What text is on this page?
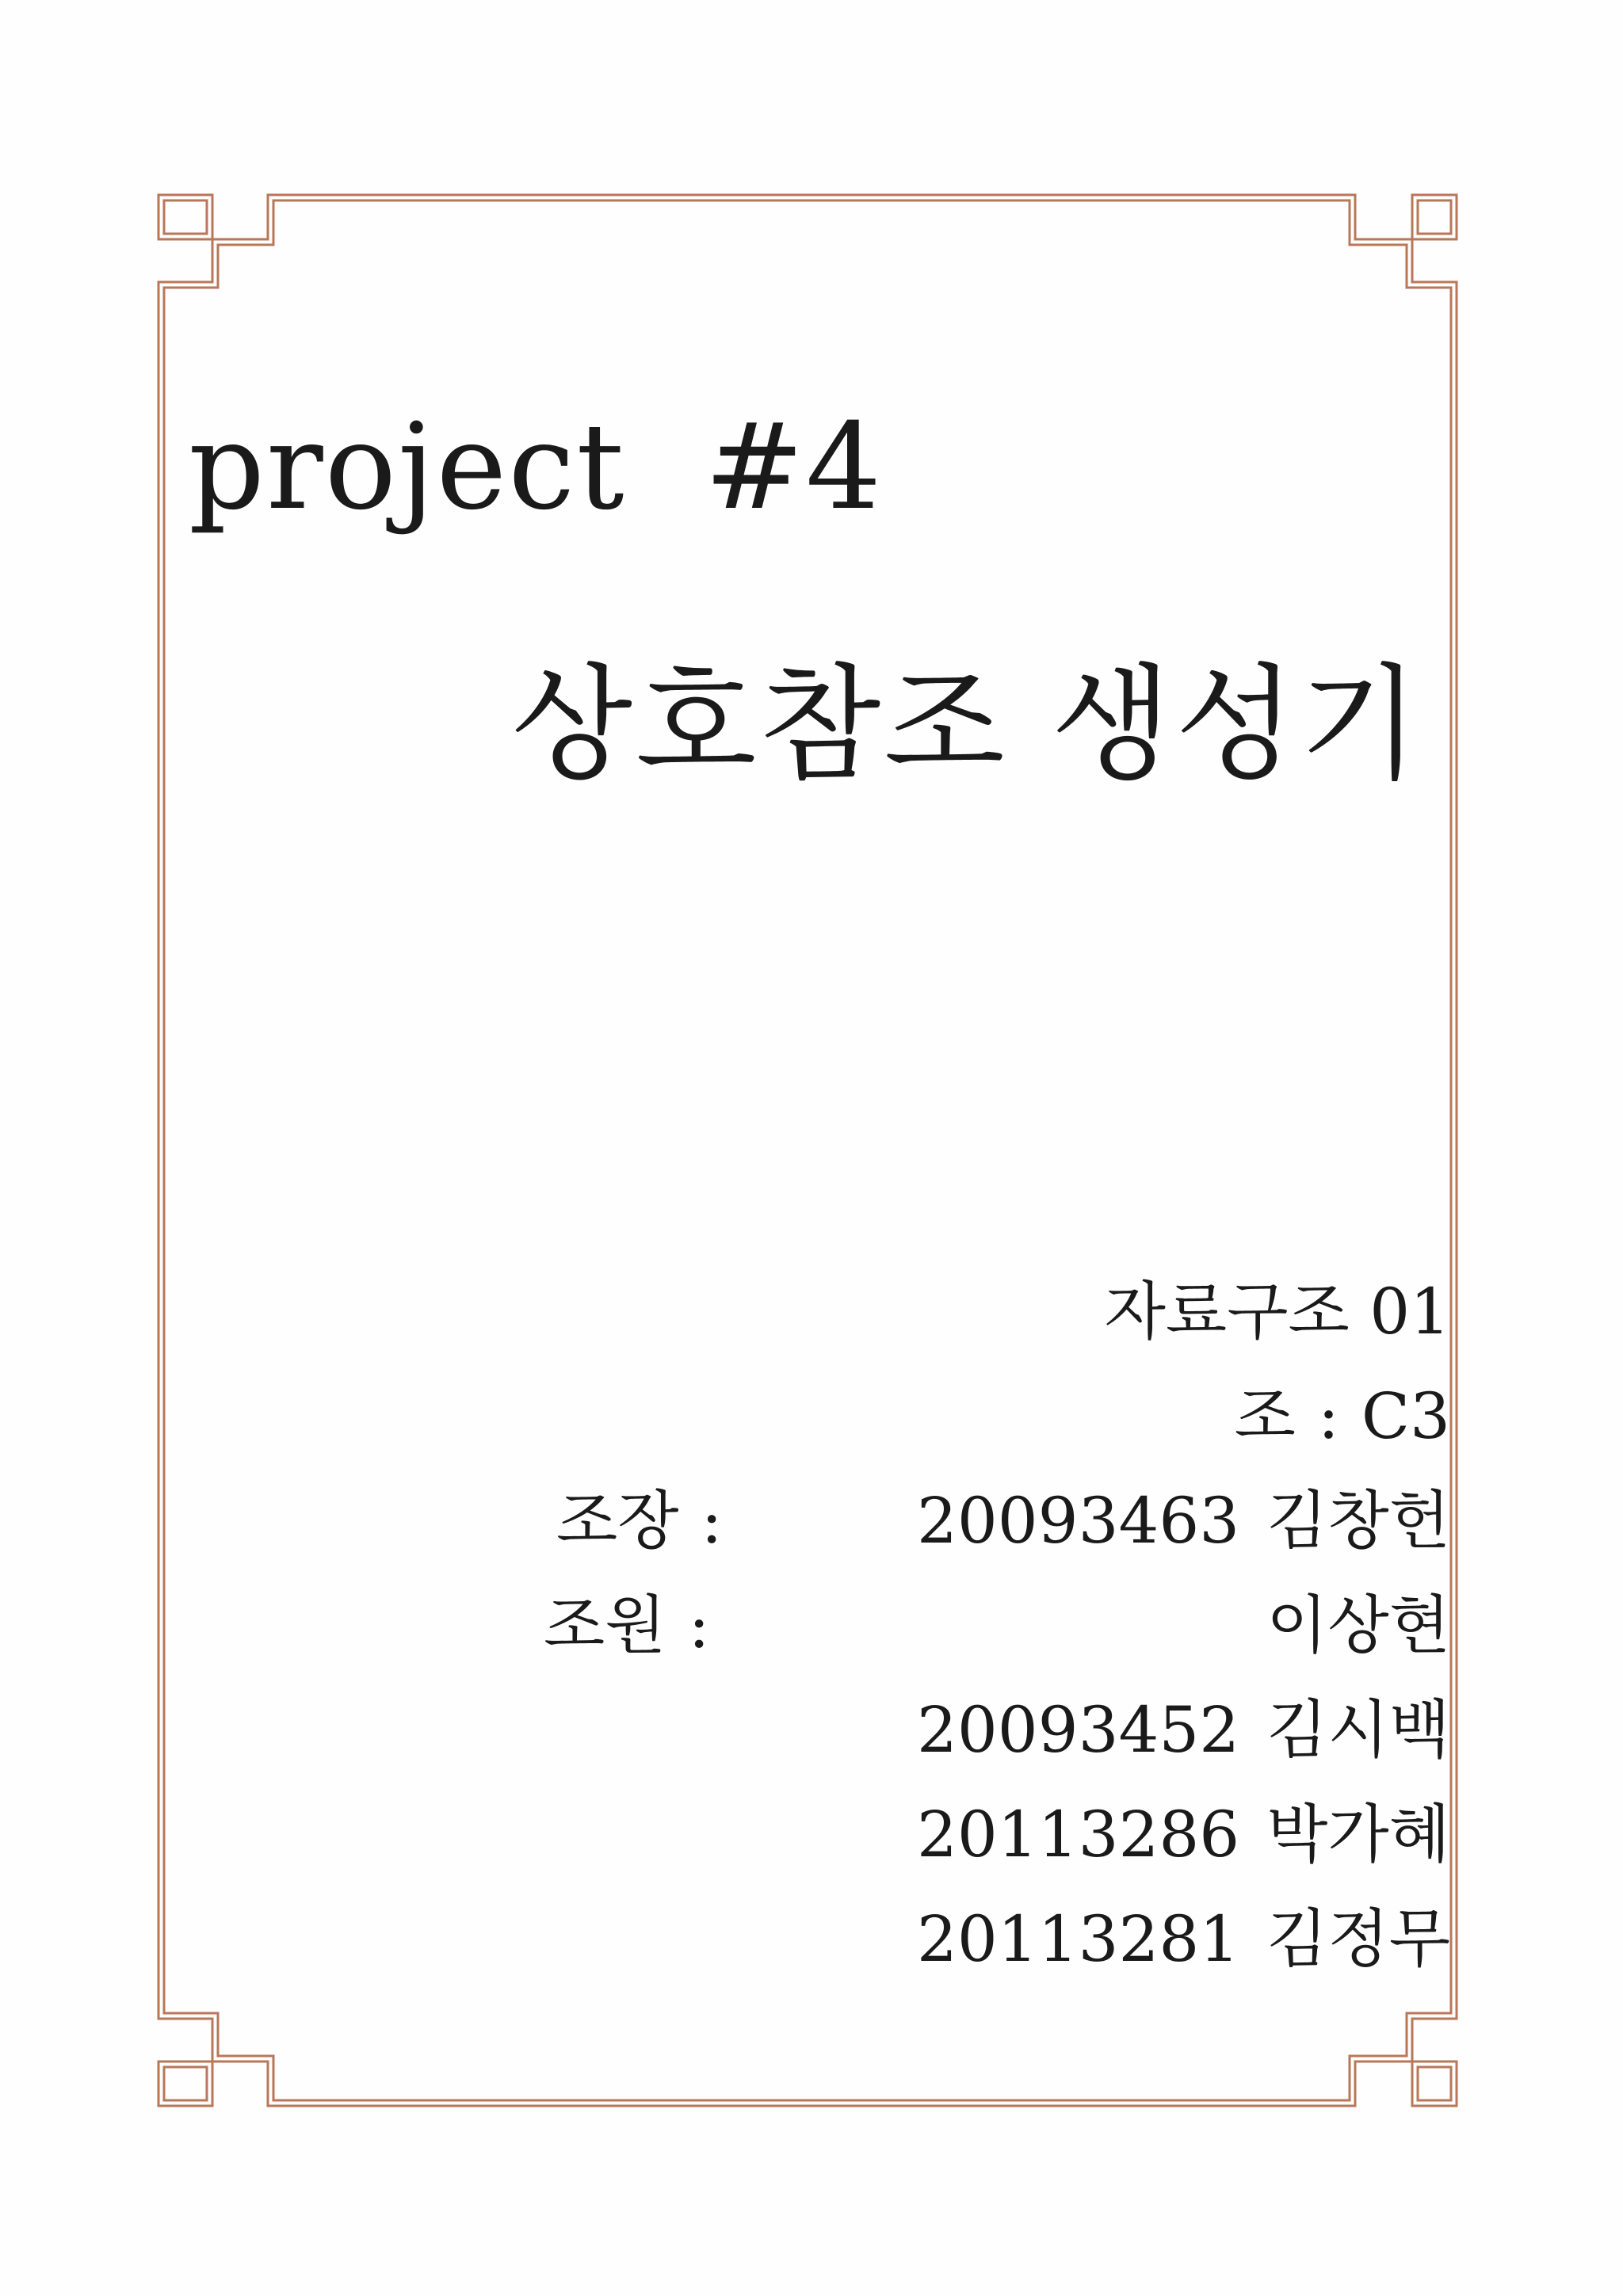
project  #4
상호참조 생성기
자료구조 01
조 : C3
조장 :	20093463 김창헌
조원 :	이상현
20093452 김시백
20113286 박가혜
20113281 김정무
